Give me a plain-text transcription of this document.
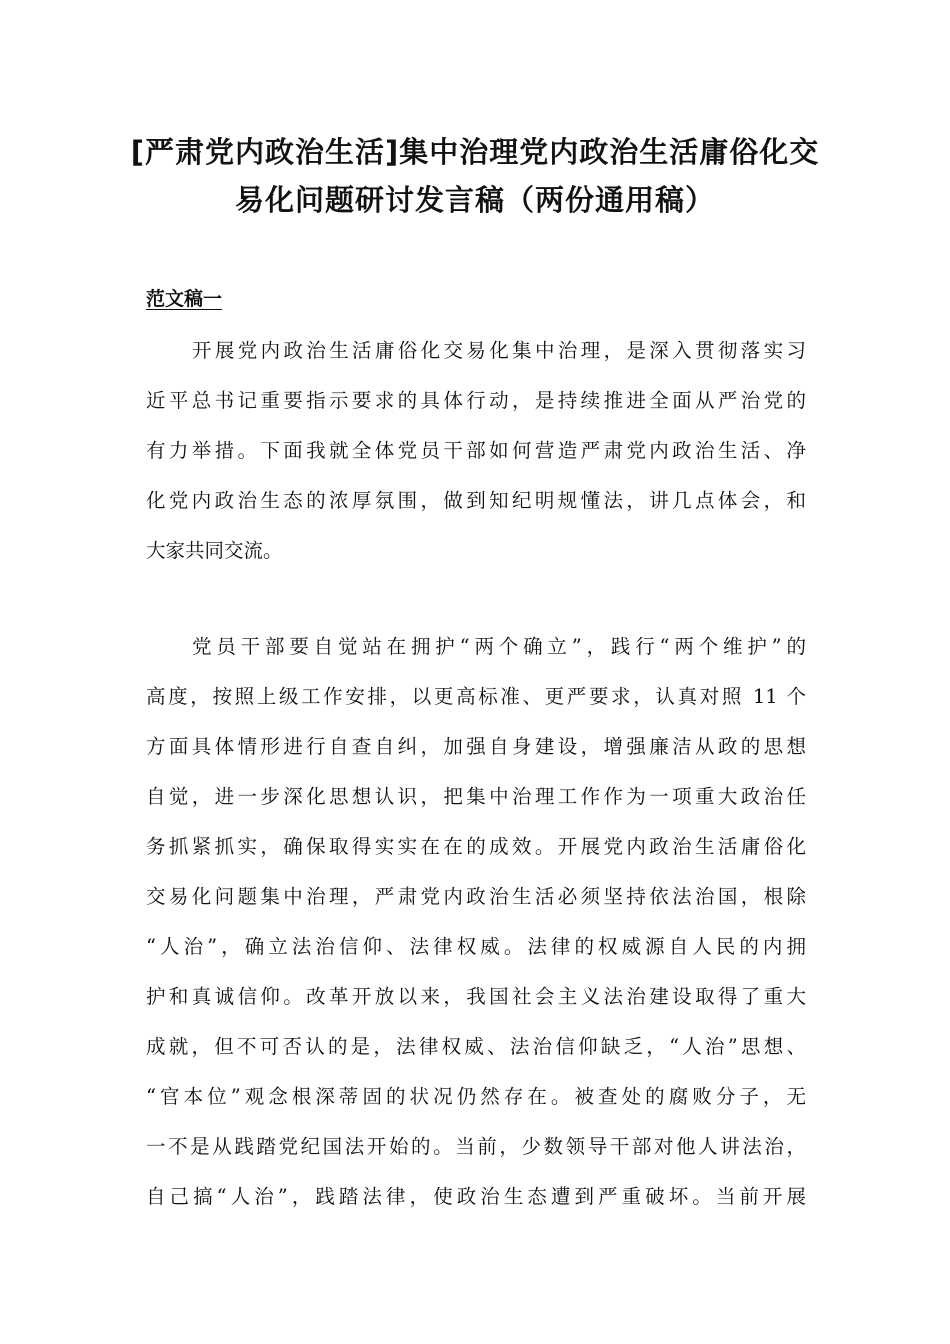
[严肃党内政治生活]集中治理党内政治生活庸俗化交
易化问题研讨发言稿（两份通用稿）
范文稿一
开展党内政治生活庸俗化交易化集中治理，是深入贯彻落实习
近平总书记重要指示要求的具体行动，是持续推进全面从严治党的
有力举措。下面我就全体党员干部如何营造严肃党内政治生活、净
化党内政治生态的浓厚氛围，做到知纪明规懂法，讲几点体会，和
大家共同交流。
党员干部要自觉站在拥护“两个确立”，践行“两个维护”的
高度，按照上级工作安排，以更高标准、更严要求，认真对照 11 个
方面具体情形进行自查自纠，加强自身建设，增强廉洁从政的思想
自觉，进一步深化思想认识，把集中治理工作作为一项重大政治任
务抓紧抓实，确保取得实实在在的成效。开展党内政治生活庸俗化
交易化问题集中治理，严肃党内政治生活必须坚持依法治国，根除
“人治”，确立法治信仰、法律权威。法律的权威源自人民的内拥
护和真诚信仰。改革开放以来，我国社会主义法治建设取得了重大
成就，但不可否认的是，法律权威、法治信仰缺乏，“人治”思想、
“官本位”观念根深蒂固的状况仍然存在。被查处的腐败分子，无
一不是从践踏党纪国法开始的。当前，少数领导干部对他人讲法治，
自己搞“人治”，践踏法律，使政治生态遭到严重破坏。当前开展
